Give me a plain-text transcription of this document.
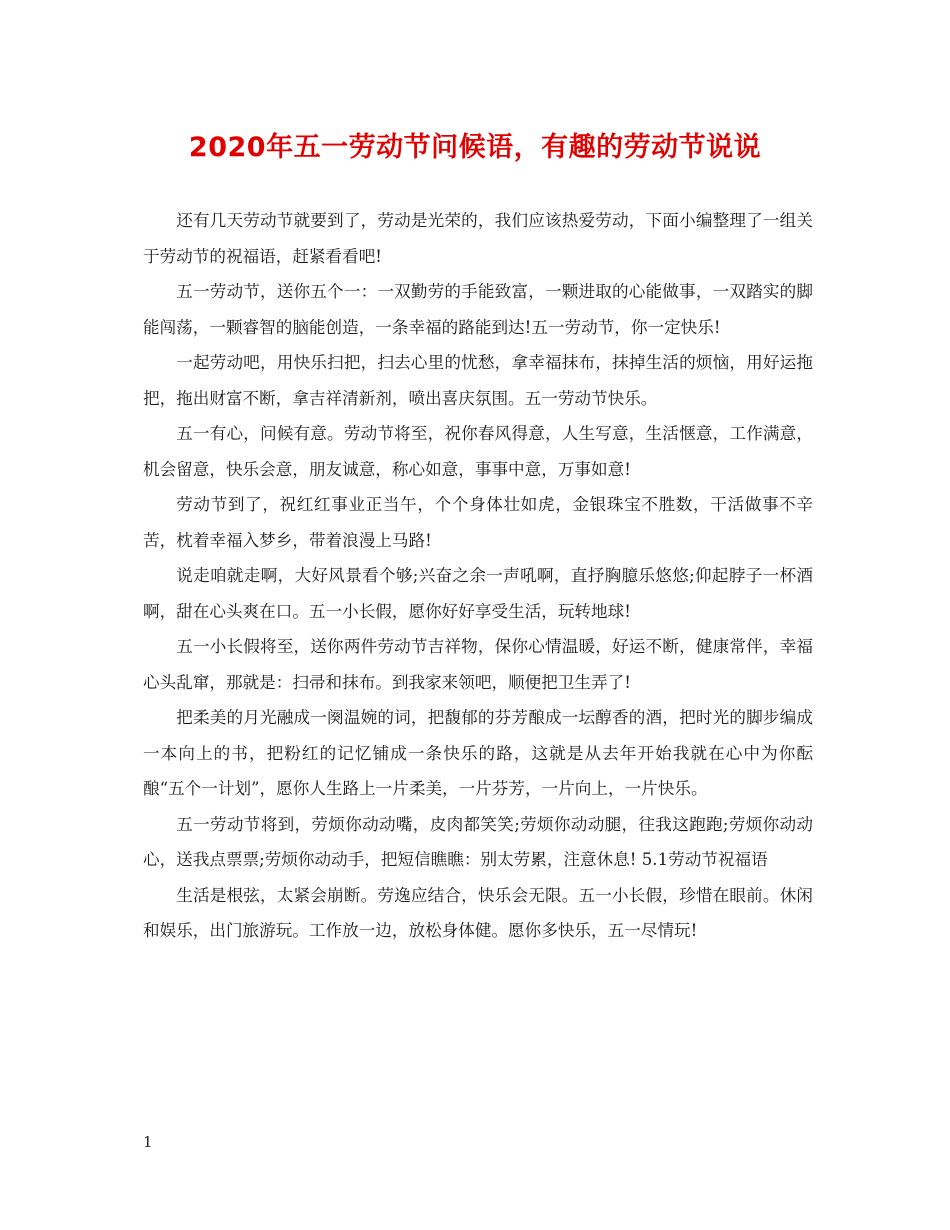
2020年五一劳动节问候语，有趣的劳动节说说

还有几天劳动节就要到了，劳动是光荣的，我们应该热爱劳动，下面小编整理了一组关于劳动节的祝福语，赶紧看看吧!

五一劳动节，送你五个一：一双勤劳的手能致富，一颗进取的心能做事，一双踏实的脚能闯荡，一颗睿智的脑能创造，一条幸福的路能到达!五一劳动节，你一定快乐!

一起劳动吧，用快乐扫把，扫去心里的忧愁，拿幸福抹布，抹掉生活的烦恼，用好运拖把，拖出财富不断，拿吉祥清新剂，喷出喜庆氛围。五一劳动节快乐。

五一有心，问候有意。劳动节将至，祝你春风得意，人生写意，生活惬意，工作满意，机会留意，快乐会意，朋友诚意，称心如意，事事中意，万事如意!

劳动节到了，祝红红事业正当午，个个身体壮如虎，金银珠宝不胜数，干活做事不辛苦，枕着幸福入梦乡，带着浪漫上马路!

说走咱就走啊，大好风景看个够;兴奋之余一声吼啊，直抒胸臆乐悠悠;仰起脖子一杯酒啊，甜在心头爽在口。五一小长假，愿你好好享受生活，玩转地球!

五一小长假将至，送你两件劳动节吉祥物，保你心情温暖，好运不断，健康常伴，幸福心头乱窜，那就是：扫帚和抹布。到我家来领吧，顺便把卫生弄了!

把柔美的月光融成一阕温婉的词，把馥郁的芬芳酿成一坛醇香的酒，把时光的脚步编成一本向上的书，把粉红的记忆铺成一条快乐的路，这就是从去年开始我就在心中为你酝酿“五个一计划”，愿你人生路上一片柔美，一片芬芳，一片向上，一片快乐。

五一劳动节将到，劳烦你动动嘴，皮肉都笑笑;劳烦你动动腿，往我这跑跑;劳烦你动动心，送我点票票;劳烦你动动手，把短信瞧瞧：别太劳累，注意休息! 5.1劳动节祝福语

生活是根弦，太紧会崩断。劳逸应结合，快乐会无限。五一小长假，珍惜在眼前。休闲和娱乐，出门旅游玩。工作放一边，放松身体健。愿你多快乐，五一尽情玩!

1
